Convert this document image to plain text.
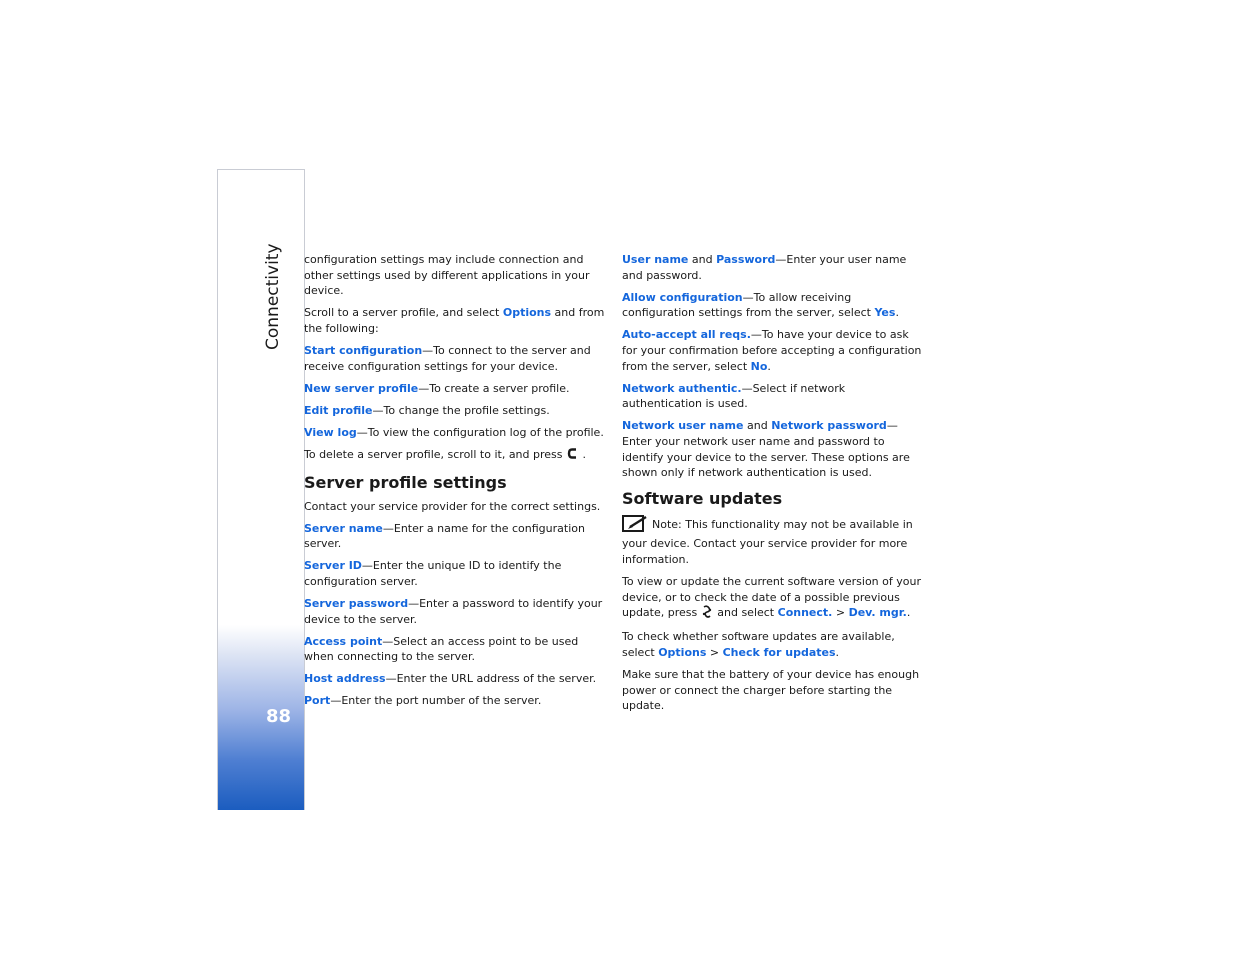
Connectivity
88

configuration settings may include connection and other settings used by different applications in your device.

Scroll to a server profile, and select Options and from the following:

Start configuration—To connect to the server and receive configuration settings for your device.

New server profile—To create a server profile.

Edit profile—To change the profile settings.

View log—To view the configuration log of the profile.

To delete a server profile, scroll to it, and press .

Server profile settings

Contact your service provider for the correct settings.

Server name—Enter a name for the configuration server.

Server ID—Enter the unique ID to identify the configuration server.

Server password—Enter a password to identify your device to the server.

Access point—Select an access point to be used when connecting to the server.

Host address—Enter the URL address of the server.

Port—Enter the port number of the server.

User name and Password—Enter your user name and password.

Allow configuration—To allow receiving configuration settings from the server, select Yes.

Auto-accept all reqs.—To have your device to ask for your confirmation before accepting a configuration from the server, select No.

Network authentic.—Select if network authentication is used.

Network user name and Network password—Enter your network user name and password to identify your device to the server. These options are shown only if network authentication is used.

Software updates

Note: This functionality may not be available in your device. Contact your service provider for more information.

To view or update the current software version of your device, or to check the date of a possible previous update, press and select Connect. > Dev. mgr..

To check whether software updates are available, select Options > Check for updates.

Make sure that the battery of your device has enough power or connect the charger before starting the update.
